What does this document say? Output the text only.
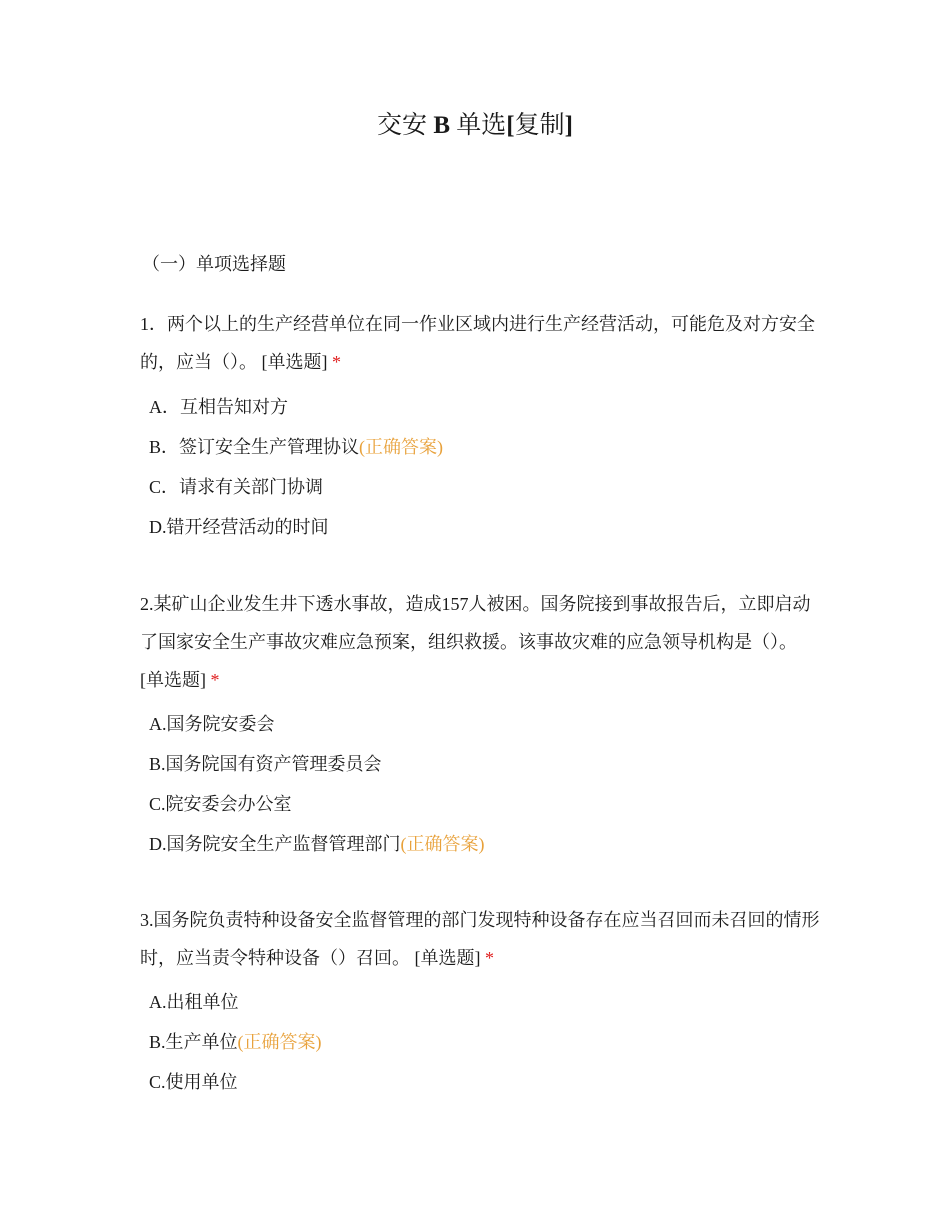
交安 B 单选[复制]
（一）单项选择题

1．两个以上的生产经营单位在同一作业区域内进行生产经营活动，可能危及对方安全的，应当（）。 [单选题] *

A．互相告知对方
B．签订安全生产管理协议(正确答案)
C．请求有关部门协调
D.错开经营活动的时间

2.某矿山企业发生井下透水事故，造成157人被困。国务院接到事故报告后，立即启动了国家安全生产事故灾难应急预案，组织救援。该事故灾难的应急领导机构是（）。 [单选题] *

A.国务院安委会
B.国务院国有资产管理委员会
C.院安委会办公室
D.国务院安全生产监督管理部门(正确答案)

3.国务院负责特种设备安全监督管理的部门发现特种设备存在应当召回而未召回的情形时，应当责令特种设备（）召回。 [单选题] *

A.出租单位
B.生产单位(正确答案)
C.使用单位
